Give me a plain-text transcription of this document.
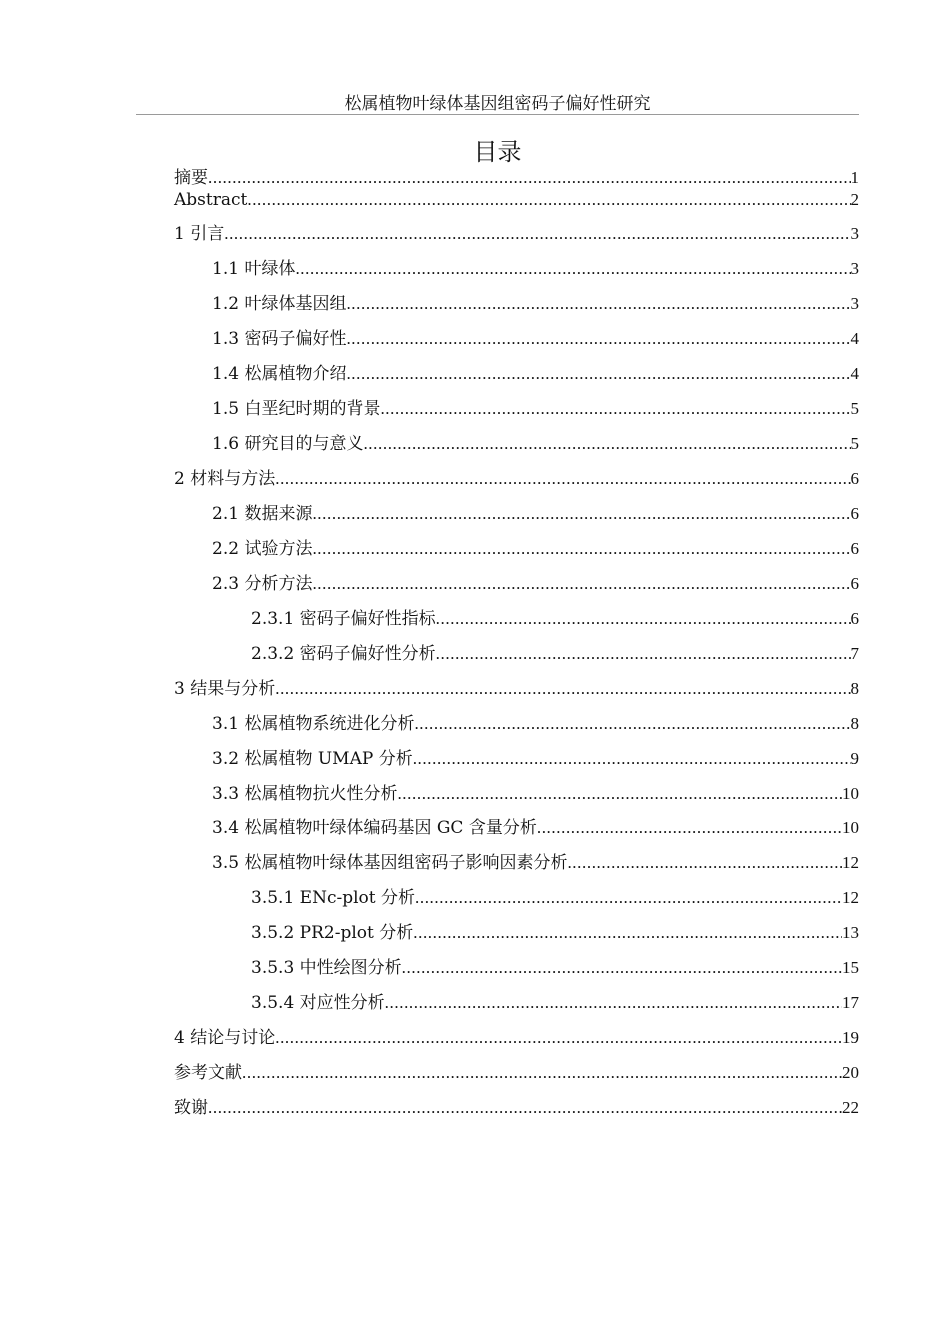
松属植物叶绿体基因组密码子偏好性研究
目录
摘要 .....	1
Abstract .....	2
1 引言 .....	3
1.1 叶绿体 .....	3
1.2 叶绿体基因组 .....	3
1.3 密码子偏好性 .....	4
1.4 松属植物介绍 .....	4
1.5 白垩纪时期的背景 .....	5
1.6 研究目的与意义 .....	5
2 材料与方法 .....	6
2.1 数据来源 .....	6
2.2 试验方法 .....	6
2.3 分析方法 .....	6
2.3.1 密码子偏好性指标 .....	6
2.3.2 密码子偏好性分析 .....	7
3 结果与分析 .....	8
3.1 松属植物系统进化分析 .....	8
3.2 松属植物 UMAP 分析 .....	9
3.3 松属植物抗火性分析 .....	10
3.4 松属植物叶绿体编码基因 GC 含量分析 .....	10
3.5 松属植物叶绿体基因组密码子影响因素分析 .....	12
3.5.1 ENc-plot 分析 .....	12
3.5.2 PR2-plot 分析 .....	13
3.5.3 中性绘图分析 .....	15
3.5.4 对应性分析 .....	17
4 结论与讨论 .....	19
参考文献 .....	20
致谢 .....	22
